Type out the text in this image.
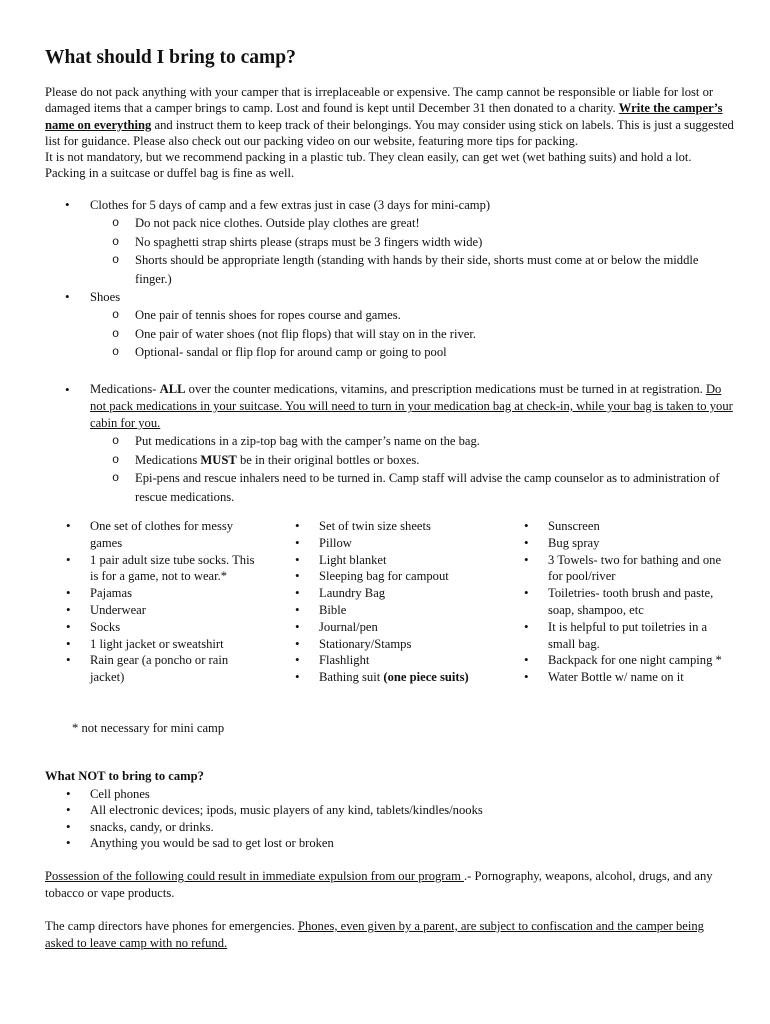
What should I bring to camp?

Please do not pack anything with your camper that is irreplaceable or expensive. The camp cannot be responsible or liable for lost or damaged items that a camper brings to camp. Lost and found is kept until December 31 then donated to a charity. Write the camper’s name on everything and instruct them to keep track of their belongings. You may consider using stick on labels. This is just a suggested list for guidance. Please also check out our packing video on our website, featuring more tips for packing.

It is not mandatory, but we recommend packing in a plastic tub. They clean easily, can get wet (wet bathing suits) and hold a lot. Packing in a suitcase or duffel bag is fine as well.

• Clothes for 5 days of camp and a few extras just in case (3 days for mini-camp)
o Do not pack nice clothes. Outside play clothes are great!
o No spaghetti strap shirts please (straps must be 3 fingers width wide)
o Shorts should be appropriate length (standing with hands by their side, shorts must come at or below the middle finger.)
• Shoes
o One pair of tennis shoes for ropes course and games.
o One pair of water shoes (not flip flops) that will stay on in the river.
o Optional- sandal or flip flop for around camp or going to pool
• Medications- ALL over the counter medications, vitamins, and prescription medications must be turned in at registration. Do not pack medications in your suitcase. You will need to turn in your medication bag at check-in, while your bag is taken to your cabin for you.
o Put medications in a zip-top bag with the camper’s name on the bag.
o Medications MUST be in their original bottles or boxes.
o Epi-pens and rescue inhalers need to be turned in. Camp staff will advise the camp counselor as to administration of rescue medications.
• One set of clothes for messy games
• 1 pair adult size tube socks. This is for a game, not to wear.*
• Pajamas
• Underwear
• Socks
• 1 light jacket or sweatshirt
• Rain gear (a poncho or rain jacket)
• Set of twin size sheets
• Pillow
• Light blanket
• Sleeping bag for campout
• Laundry Bag
• Bible
• Journal/pen
• Stationary/Stamps
• Flashlight
• Bathing suit (one piece suits)
• Sunscreen
• Bug spray
• 3 Towels- two for bathing and one for pool/river
• Toiletries- tooth brush and paste, soap, shampoo, etc
• It is helpful to put toiletries in a small bag.
• Backpack for one night camping *
• Water Bottle w/ name on it
* not necessary for mini camp
What NOT to bring to camp?
• Cell phones
• All electronic devices; ipods, music players of any kind, tablets/kindles/nooks
• snacks, candy, or drinks.
• Anything you would be sad to get lost or broken

Possession of the following could result in immediate expulsion from our program .- Pornography, weapons, alcohol, drugs, and any tobacco or vape products.

The camp directors have phones for emergencies. Phones, even given by a parent, are subject to confiscation and the camper being asked to leave camp with no refund.
